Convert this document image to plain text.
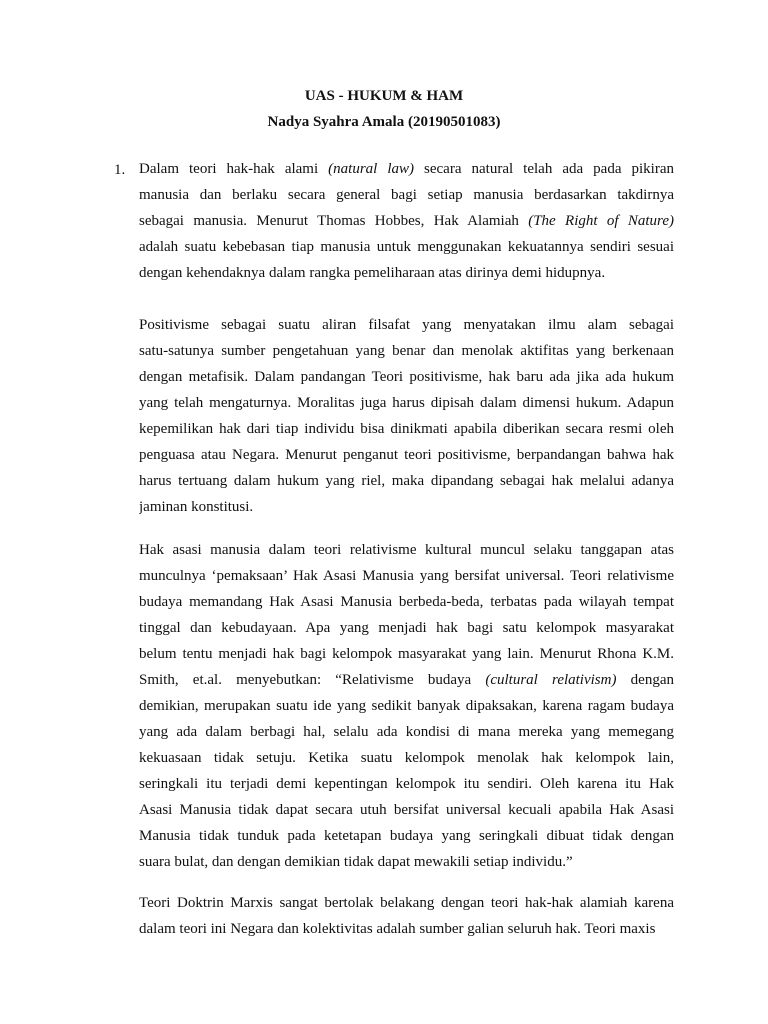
UAS - HUKUM & HAM
Nadya Syahra Amala (20190501083)
1. Dalam teori hak-hak alami (natural law) secara natural telah ada pada pikiran
manusia dan berlaku secara general bagi setiap manusia berdasarkan takdirnya
sebagai manusia. Menurut Thomas Hobbes, Hak Alamiah (The Right of Nature)
adalah suatu kebebasan tiap manusia untuk menggunakan kekuatannya sendiri sesuai
dengan kehendaknya dalam rangka pemeliharaan atas dirinya demi hidupnya.
Positivisme sebagai suatu aliran filsafat yang menyatakan ilmu alam sebagai
satu-satunya sumber pengetahuan yang benar dan menolak aktifitas yang berkenaan
dengan metafisik. Dalam pandangan Teori positivisme, hak baru ada jika ada hukum
yang telah mengaturnya. Moralitas juga harus dipisah dalam dimensi hukum. Adapun
kepemilikan hak dari tiap individu bisa dinikmati apabila diberikan secara resmi oleh
penguasa atau Negara. Menurut penganut teori positivisme, berpandangan bahwa hak
harus tertuang dalam hukum yang riel, maka dipandang sebagai hak melalui adanya
jaminan konstitusi.
Hak asasi manusia dalam teori relativisme kultural muncul selaku tanggapan atas
munculnya ‘pemaksaan’ Hak Asasi Manusia yang bersifat universal. Teori relativisme
budaya memandang Hak Asasi Manusia berbeda-beda, terbatas pada wilayah tempat
tinggal dan kebudayaan. Apa yang menjadi hak bagi satu kelompok masyarakat
belum tentu menjadi hak bagi kelompok masyarakat yang lain. Menurut Rhona K.M.
Smith, et.al. menyebutkan: “Relativisme budaya (cultural relativism) dengan
demikian, merupakan suatu ide yang sedikit banyak dipaksakan, karena ragam budaya
yang ada dalam berbagi hal, selalu ada kondisi di mana mereka yang memegang
kekuasaan tidak setuju. Ketika suatu kelompok menolak hak kelompok lain,
seringkali itu terjadi demi kepentingan kelompok itu sendiri. Oleh karena itu Hak
Asasi Manusia tidak dapat secara utuh bersifat universal kecuali apabila Hak Asasi
Manusia tidak tunduk pada ketetapan budaya yang seringkali dibuat tidak dengan
suara bulat, dan dengan demikian tidak dapat mewakili setiap individu.”
Teori Doktrin Marxis sangat bertolak belakang dengan teori hak-hak alamiah karena
dalam teori ini Negara dan kolektivitas adalah sumber galian seluruh hak. Teori maxis
